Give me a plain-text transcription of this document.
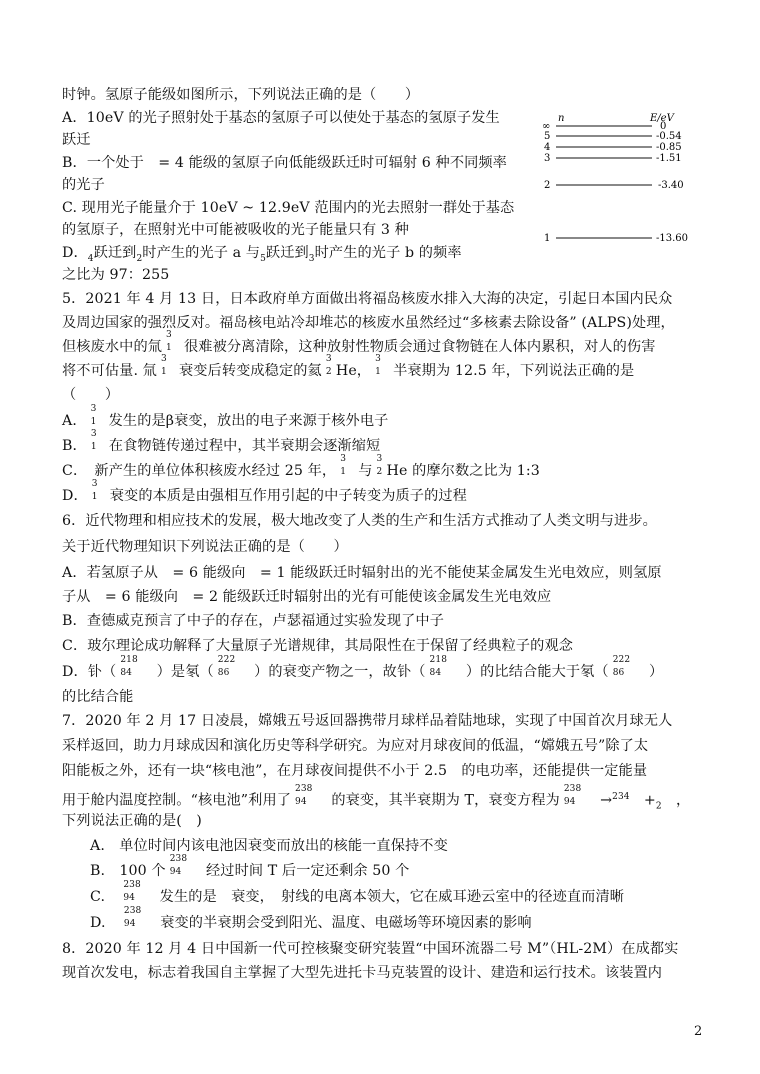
时钟。氢原子能级如图所示，下列说法正确的是（　　）
A．10eV 的光子照射处于基态的氢原子可以使处于基态的氢原子发生
跃迁
B．一个处于　= 4 能级的氢原子向低能级跃迁时可辐射 6 种不同频率
的光子
C. 现用光子能量介于 10eV ~ 12.9eV 范围内的光去照射一群处于基态
的氢原子，在照射光中可能被吸收的光子能量只有 3 种
D．$_4$跃迁到$_2$时产生的光子 a 与$_5$跃迁到$_3$时产生的光子 b 的频率
之比为 97：255
5．2021 年 4 月 13 日，日本政府单方面做出将福岛核废水排入大海的决定，引起日本国内民众
及周边国家的强烈反对。福岛核电站冷却堆芯的核废水虽然经过“多核素去除设备” (ALPS)处理，
但核废水中的氚
3
1 很难被分离清除，这种放射性物质会通过食物链在人体内累积，对人的伤害
将不可估量. 氚
3
1 衰变后转变成稳定的氦
3
2 He，
3
1 半衰期为 12.5 年，下列说法正确的是
（　　）
A．
3
1 发生的是β衰变，放出的电子来源于核外电子
B．
3
1 在食物链传递过程中，其半衰期会逐渐缩短
C．　新产生的单位体积核废水经过 25 年，
3
1 与
3
2 He 的摩尔数之比为 1:3
D．
3
1 衰变的本质是由强相互作用引起的中子转变为质子的过程
6．近代物理和相应技术的发展，极大地改变了人类的生产和生活方式推动了人类文明与进步。
关于近代物理知识下列说法正确的是（　　）
A．若氢原子从　= 6 能级向　= 1 能级跃迁时辐射出的光不能使某金属发生光电效应，则氢原
子从　= 6 能级向　= 2 能级跃迁时辐射出的光有可能使该金属发生光电效应
B．查德威克预言了中子的存在，卢瑟福通过实验发现了中子
C．玻尔理论成功解释了大量原子光谱规律，其局限性在于保留了经典粒子的观念
D．钋（
218
84
　 ）是氡（
222
86
　 ）的衰变产物之一，故钋（
218
84
　 ）的比结合能大于氡（
222
86
　 ）
的比结合能
7．2020 年 2 月 17 日凌晨，嫦娥五号返回器携带月球样品着陆地球，实现了中国首次月球无人
采样返回，助力月球成因和演化历史等科学研究。为应对月球夜间的低温，“嫦娥五号”除了太
阳能板之外，还有一块“核电池”，在月球夜间提供不小于 2.5　的电功率，还能提供一定能量
用于舱内温度控制。“核电池”利用了
238
94
　 的衰变，其半衰期为 T，衰变方程为
238
94
　 →$^{234}$　 $+_2$　 ，
下列说法正确的是(　)
A.　单位时间内该电池因衰变而放出的核能一直保持不变
B.　100 个
238
94
　 经过时间 T 后一定还剩余 50 个
C.　
238
94
　 发生的是　衰变，　射线的电离本领大，它在威耳逊云室中的径迹直而清晰
D.　
238
94
　 衰变的半衰期会受到阳光、温度、电磁场等环境因素的影响
8．2020 年 12 月 4 日中国新一代可控核聚变研究装置“中国环流器二号 M”（HL-2M）在成都实
现首次发电，标志着我国自主掌握了大型先进托卡马克装置的设计、建造和运行技术。该装置内
n	E/eV
∞	0
5	-0.54
4	-0.85
3	-1.51
2	-3.40
1	-13.60
2
